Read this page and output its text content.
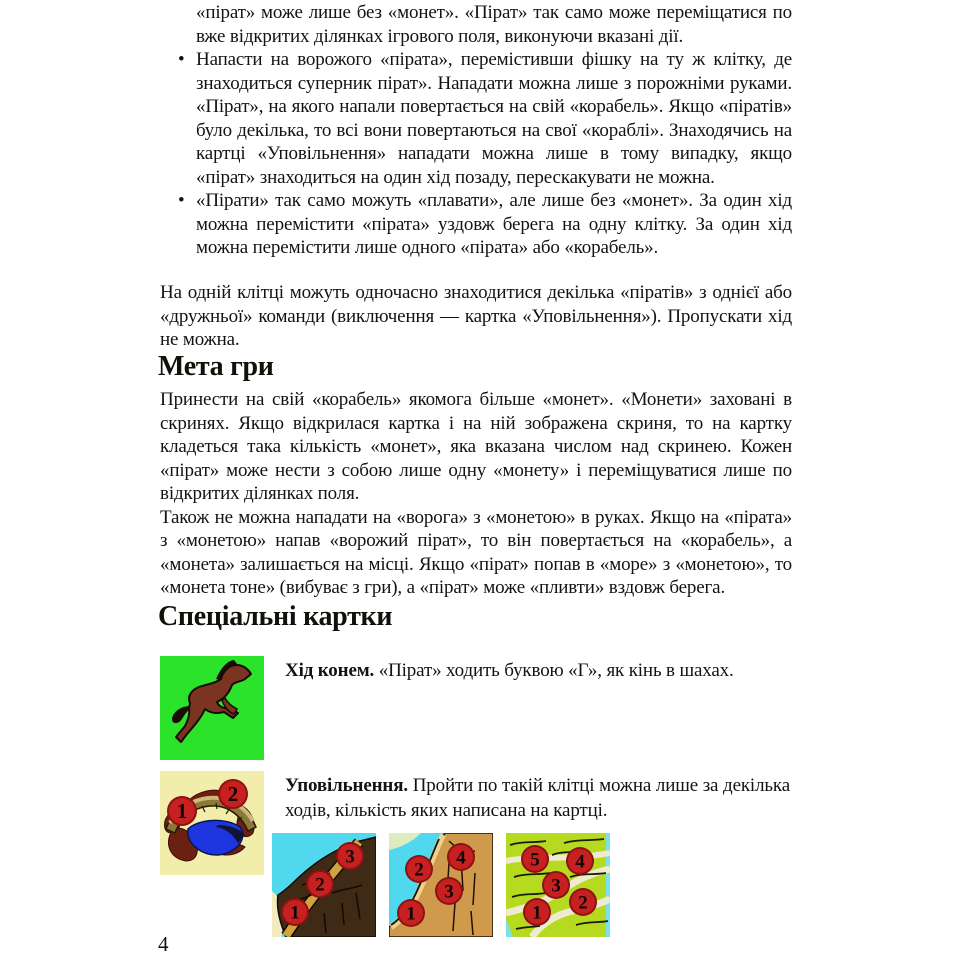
«пірат» може лише без «монет». «Пірат» так само може переміщатися по вже відкритих ділянках ігрового поля, виконуючи вказані дії.
• Напасти на ворожого «пірата», перемістивши фішку на ту ж клітку, де знаходиться суперник пірат». Нападати можна лише з порожніми руками. «Пірат», на якого напали повертається на свій «корабель». Якщо «піратів» було декілька, то всі вони повертаються на свої «кораблі». Знаходячись на картці «Уповільнення» нападати можна лише в тому випадку, якщо «пірат» знаходиться на один хід позаду, перескакувати не можна.
• «Пірати» так само можуть «плавати», але лише без «монет». За один хід можна перемістити «пірата» уздовж берега на одну клітку. За один хід можна перемістити лише одного «пірата» або «корабель».
На одній клітці можуть одночасно знаходитися декілька «піратів» з однієї або «дружньої» команди (виключення — картка «Уповільнення»). Пропускати хід не можна.
Мета гри

Принести на свій «корабель» якомога більше «монет». «Монети» заховані в скринях. Якщо відкрилася картка і на ній зображена скриня, то на картку кладеться така кількість «монет», яка вказана числом над скринею. Кожен «пірат» може нести з собою лише одну «монету» і переміщуватися лише по відкритих ділянках поля.

Також не можна нападати на «ворога» з «монетою» в руках. Якщо на «пірата» з «монетою» напав «ворожий пірат», то він повертається на «корабель», а «монета» залишається на місці. Якщо «пірат» попав в «море» з «монетою», то «монета тоне» (вибуває з гри), а «пірат» може «пливти» вздовж берега.

Спеціальні картки

Хід конем. «Пірат» ходить буквою «Г», як кінь в шахах.

1
2 Уповільнення. Пройти по такій клітці можна лише за декілька ходів, кількість яких написана на картці.

1
2
3
2
4
3
1
5 4
3
2
1
4
